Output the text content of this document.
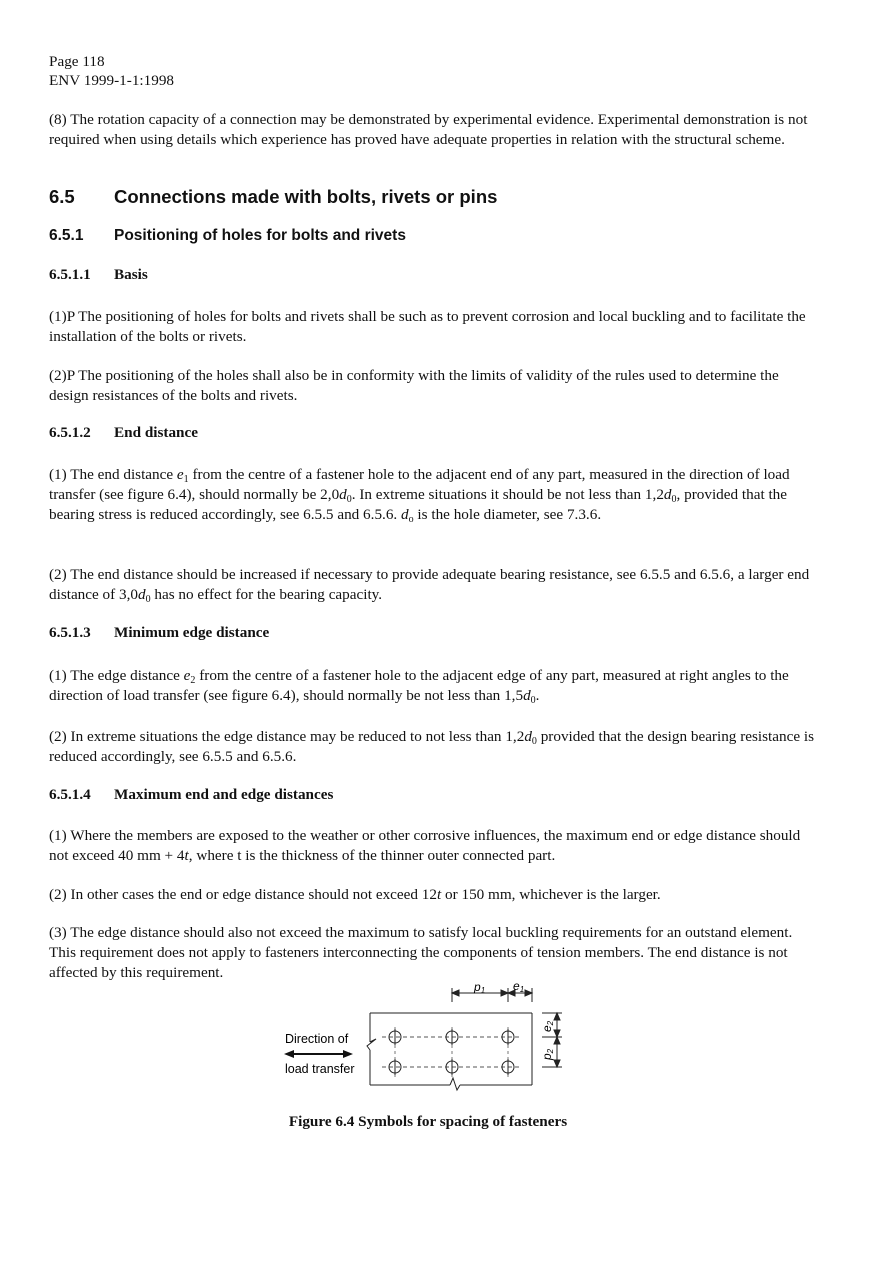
Page 118
ENV 1999-1-1:1998

(8) The rotation capacity of a connection may be demonstrated by experimental evidence. Experimental demonstration is not required when using details which experience has proved have adequate properties in relation with the structural scheme.

6.5 Connections made with bolts, rivets or pins
6.5.1 Positioning of holes for bolts and rivets
6.5.1.1 Basis

(1)P The positioning of holes for bolts and rivets shall be such as to prevent corrosion and local buckling and to facilitate the installation of the bolts or rivets.

(2)P The positioning of the holes shall also be in conformity with the limits of validity of the rules used to determine the design resistances of the bolts and rivets.

6.5.1.2 End distance

(1) The end distance $e_1$ from the centre of a fastener hole to the adjacent end of any part, measured in the direction of load transfer (see figure 6.4), should normally be $2,0d_0$. In extreme situations it should be not less than $1,2d_0$, provided that the bearing stress is reduced accordingly, see 6.5.5 and 6.5.6. $d_o$ is the hole diameter, see 7.3.6.

(2) The end distance should be increased if necessary to provide adequate bearing resistance, see 6.5.5 and 6.5.6, a larger end distance of $3,0d_0$ has no effect for the bearing capacity.

6.5.1.3 Minimum edge distance

(1) The edge distance $e_2$ from the centre of a fastener hole to the adjacent edge of any part, measured at right angles to the direction of load transfer (see figure 6.4), should normally be not less than $1,5d_0$.

(2) In extreme situations the edge distance may be reduced to not less than $1,2d_0$ provided that the design bearing resistance is reduced accordingly, see 6.5.5 and 6.5.6.

6.5.1.4 Maximum end and edge distances

(1) Where the members are exposed to the weather or other corrosive influences, the maximum end or edge distance should not exceed 40 mm + 4t, where t is the thickness of the thinner outer connected part.

(2) In other cases the end or edge distance should not exceed 12t or 150 mm, whichever is the larger.

(3) The edge distance should also not exceed the maximum to satisfy local buckling requirements for an outstand element. This requirement does not apply to fasteners interconnecting the components of tension members. The end distance is not affected by this requirement.

p1 e1
e2
p2
Direction of
load transfer
Figure 6.4 Symbols for spacing of fasteners
